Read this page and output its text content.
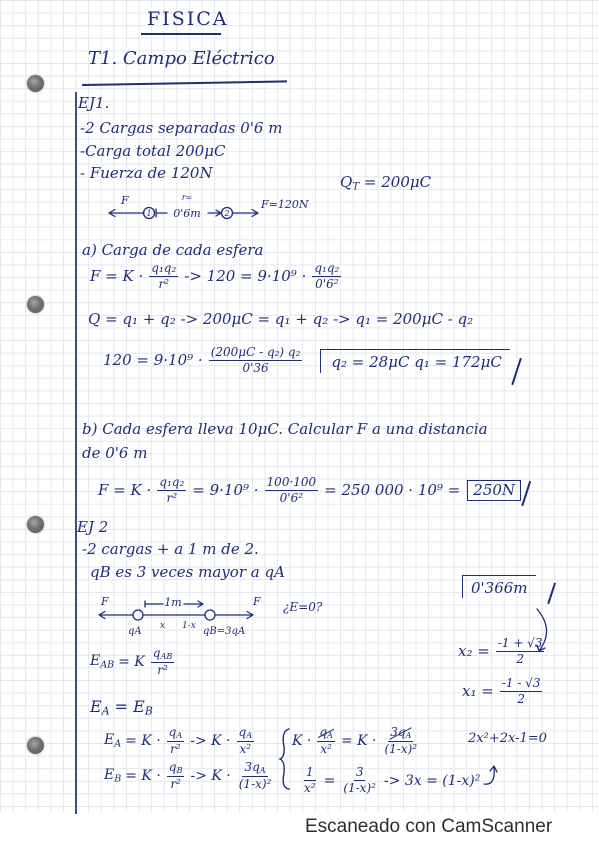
FISICA
T1. Campo Eléctrico
EJ1.
-2 Cargas separadas 0'6 m
-Carga total 200μC
- Fuerza de 120N	$Q_T = 200\mu C$
F
1
r=
0'6m	2
F=120N
a) Carga de cada esfera
$F = K \cdot \frac{\text{q₁q₂}}{\text{r²}} -> 120 = 9\cdot 10^9 \cdot \frac{\text{q₁q₂}}{\text{0'6²}}$
Q = q₁ + q₂ -> 200μC = q₁ + q₂ -> q₁ = 200μC - q₂
$120 = 9\cdot 10^9 \cdot \frac{\text{(200μC - q₂) q₂}}{0'36}$	q₂ = 28μC q₁ = 172μC
b) Cada esfera lleva 10μC. Calcular F a una distancia
de 0'6 m
$F = K \cdot \frac{\text{q₁q₂}}{\text{r²}} = 9\cdot 10^9 \cdot \frac{100\cdot 100}{\text{0'6²}} = 250$ 000 · 10⁹ = 250N
EJ 2
-2 cargas + a 1 m de 2.
qB es 3 veces mayor a qA
0'366m
F	1m	F ¿E=0?
qA x 1-x qB=3qA
$x_2 = \frac{-1 + √3}{2}$
$x_1 = \frac{-1 - √3}{2}$
$E_{AB} = K \frac{q_{AB}}{\text{r²}}$
$E_A = E_B$
$E_A = K \cdot \frac{q_A}{\text{r²}} -> K \cdot \frac{q_A}{\text{x²}}$
$E_B = K \cdot \frac{q_B}{\text{r²}} -> K \cdot \frac{3q_A}{\text{(1-x)²}}$
$K \cdot \frac{q_A}{\text{x²}} = K \cdot \frac{3q_A}{\text{(1-x)²}}$	2x²+2x-1=0
$\frac{1}{\text{x²}} = \frac{3}{\text{(1-x)²}} -> 3x = (1-x)^2$
Escaneado con CamScanner
